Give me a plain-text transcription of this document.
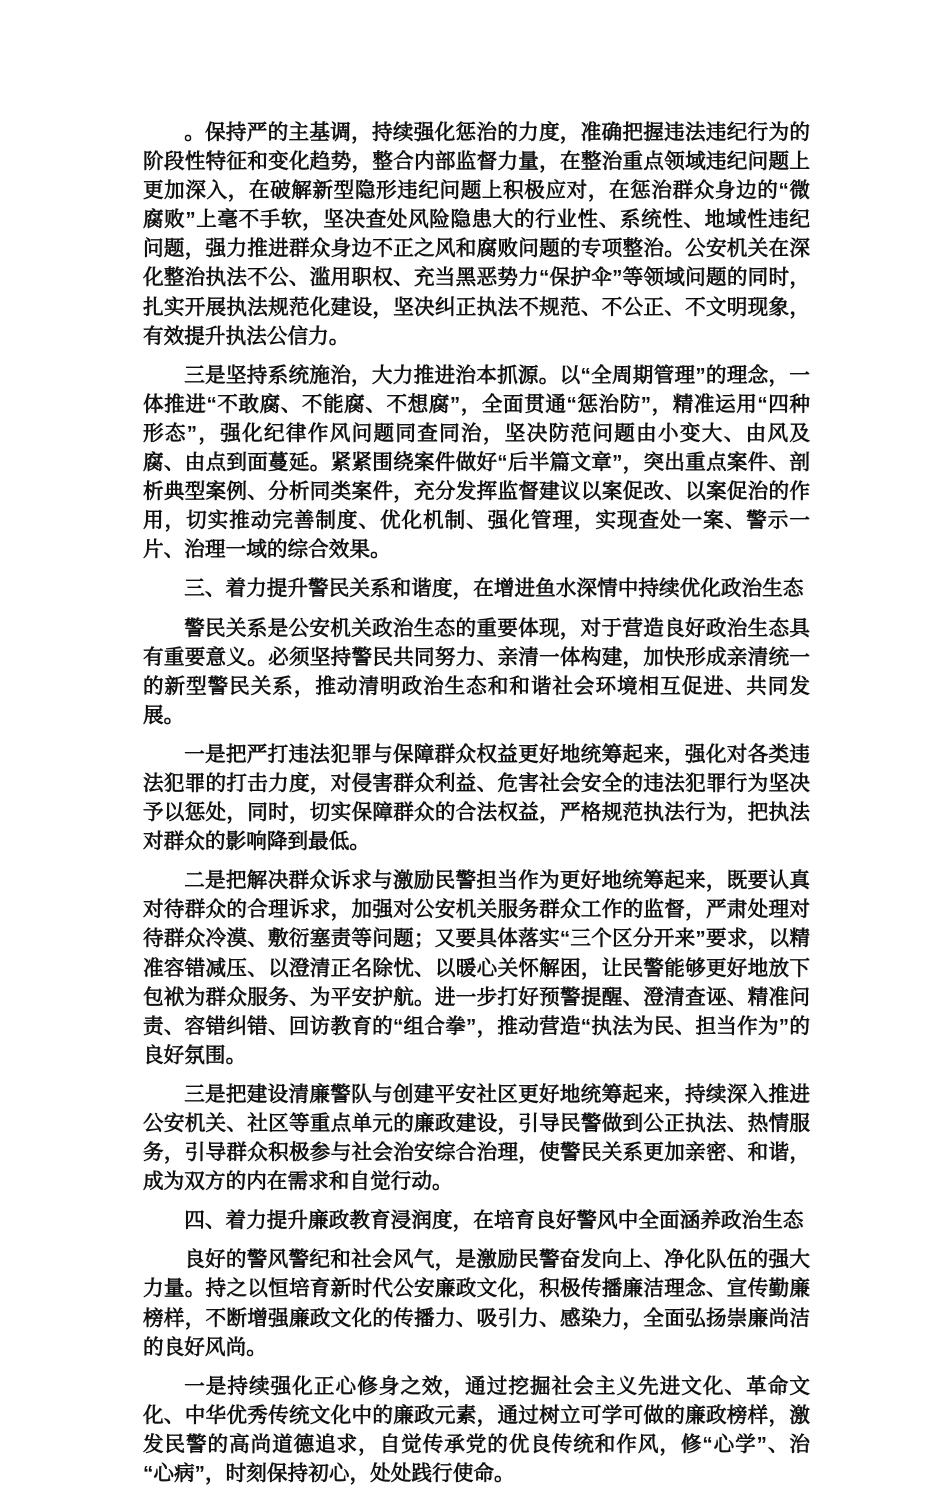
。保持严的主基调，持续强化惩治的力度，准确把握违法违纪行为的阶段性特征和变化趋势，整合内部监督力量，在整治重点领域违纪问题上更加深入，在破解新型隐形违纪问题上积极应对，在惩治群众身边的“微腐败”上毫不手软，坚决查处风险隐患大的行业性、系统性、地域性违纪问题，强力推进群众身边不正之风和腐败问题的专项整治。公安机关在深化整治执法不公、滥用职权、充当黑恶势力“保护伞”等领域问题的同时，扎实开展执法规范化建设，坚决纠正执法不规范、不公正、不文明现象，有效提升执法公信力。

三是坚持系统施治，大力推进治本抓源。以“全周期管理”的理念，一体推进“不敢腐、不能腐、不想腐”，全面贯通“惩治防”，精准运用“四种形态”，强化纪律作风问题同查同治，坚决防范问题由小变大、由风及腐、由点到面蔓延。紧紧围绕案件做好“后半篇文章”，突出重点案件、剖析典型案例、分析同类案件，充分发挥监督建议以案促改、以案促治的作用，切实推动完善制度、优化机制、强化管理，实现查处一案、警示一片、治理一域的综合效果。

三、着力提升警民关系和谐度，在增进鱼水深情中持续优化政治生态

警民关系是公安机关政治生态的重要体现，对于营造良好政治生态具有重要意义。必须坚持警民共同努力、亲清一体构建，加快形成亲清统一的新型警民关系，推动清明政治生态和和谐社会环境相互促进、共同发展。

一是把严打违法犯罪与保障群众权益更好地统筹起来，强化对各类违法犯罪的打击力度，对侵害群众利益、危害社会安全的违法犯罪行为坚决予以惩处，同时，切实保障群众的合法权益，严格规范执法行为，把执法对群众的影响降到最低。

二是把解决群众诉求与激励民警担当作为更好地统筹起来，既要认真对待群众的合理诉求，加强对公安机关服务群众工作的监督，严肃处理对待群众冷漠、敷衍塞责等问题；又要具体落实“三个区分开来”要求，以精准容错减压、以澄清正名除忧、以暖心关怀解困，让民警能够更好地放下包袱为群众服务、为平安护航。进一步打好预警提醒、澄清查诬、精准问责、容错纠错、回访教育的“组合拳”，推动营造“执法为民、担当作为”的良好氛围。

三是把建设清廉警队与创建平安社区更好地统筹起来，持续深入推进公安机关、社区等重点单元的廉政建设，引导民警做到公正执法、热情服务，引导群众积极参与社会治安综合治理，使警民关系更加亲密、和谐，成为双方的内在需求和自觉行动。

四、着力提升廉政教育浸润度，在培育良好警风中全面涵养政治生态

良好的警风警纪和社会风气，是激励民警奋发向上、净化队伍的强大力量。持之以恒培育新时代公安廉政文化，积极传播廉洁理念、宣传勤廉榜样，不断增强廉政文化的传播力、吸引力、感染力，全面弘扬崇廉尚洁的良好风尚。

一是持续强化正心修身之效，通过挖掘社会主义先进文化、革命文化、中华优秀传统文化中的廉政元素，通过树立可学可做的廉政榜样，激发民警的高尚道德追求，自觉传承党的优良传统和作风，修“心学”、治“心病”，时刻保持初心，处处践行使命。
